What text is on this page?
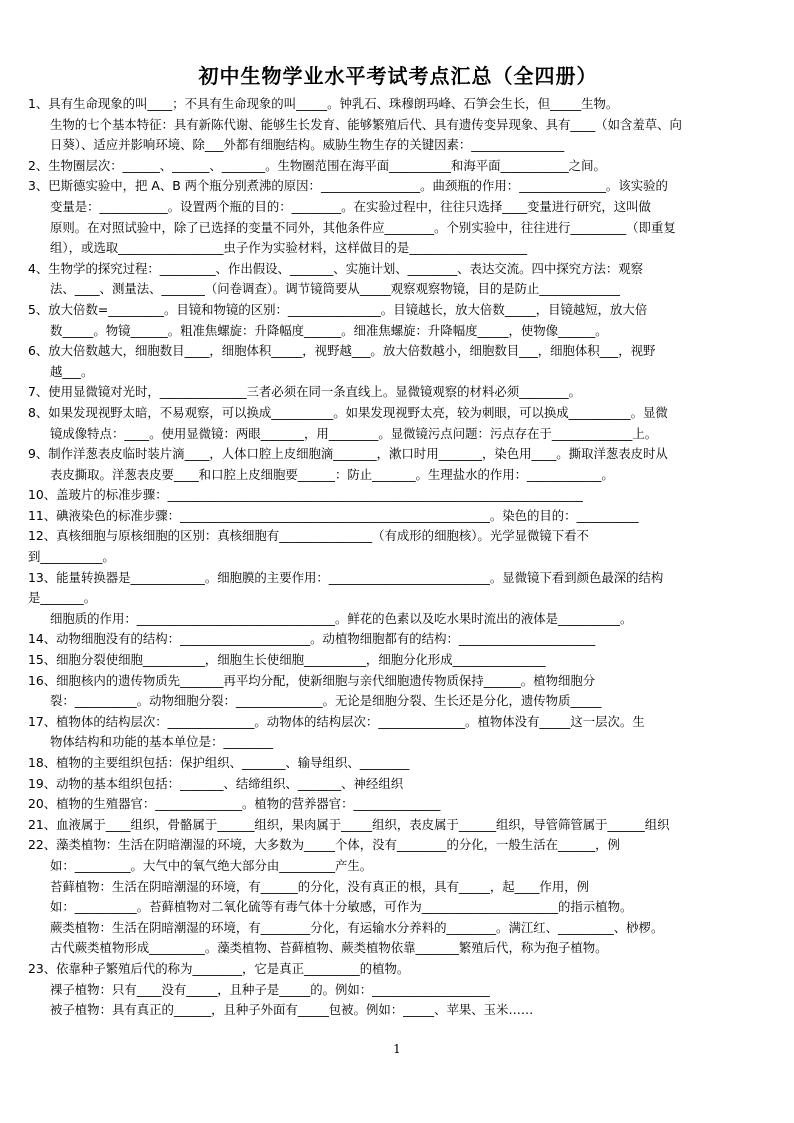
初中生物学业水平考试考点汇总（全四册）
1、具有生命现象的叫____；不具有生命现象的叫_____。钟乳石、珠穆朗玛峰、石笋会生长，但_____生物。
生物的七个基本特征：具有新陈代谢、能够生长发育、能够繁殖后代、具有遗传变异现象、具有____（如含羞草、向
日葵）、适应并影响环境、除___外都有细胞结构。威胁生物生存的关键因素：_______________
2、生物圈层次：______、______、_______。生物圈范围在海平面__________和海平面___________之间。
3、巴斯德实验中，把 A、B 两个瓶分别煮沸的原因：________________。曲颈瓶的作用：______________。该实验的
变量是：___________。设置两个瓶的目的：________。在实验过程中，往往只选择____变量进行研究，这叫做
原则。在对照试验中，除了已选择的变量不同外，其他条件应________。个别实验中，往往进行_________（即重复
组），或选取_________________虫子作为实验材料，这样做目的是___________________
4、生物学的探究过程：_________、作出假设、_______、实施计划、________、表达交流。四中探究方法：观察
法、____、测量法、_______（问卷调查）。调节镜筒要从_____观察观察物镜，目的是防止_____________
5、放大倍数=_________。目镜和物镜的区别：_______________。目镜越长，放大倍数_____，目镜越短，放大倍
数_____。物镜______。粗准焦螺旋：升降幅度______。细准焦螺旋：升降幅度_____，使物像______。
6、放大倍数越大，细胞数目____，细胞体积_____，视野越___。放大倍数越小，细胞数目___，细胞体积___，视野
越___。
7、使用显微镜对光时，______________三者必须在同一条直线上。显微镜观察的材料必须________。
8、如果发现视野太暗，不易观察，可以换成__________。如果发现视野太亮，较为刺眼，可以换成__________。显微
镜成像特点：____。使用显微镜：两眼_______，用________。显微镜污点问题：污点存在于_____________上。
9、制作洋葱表皮临时装片滴____，人体口腔上皮细胞滴_______，漱口时用_______，染色用____。撕取洋葱表皮时从
表皮撕取。洋葱表皮要____和口腔上皮细胞要______：防止_______。生理盐水的作用：____________。
10、盖玻片的标准步骤：___________________________________________________________________
11、碘液染色的标准步骤：__________________________________________________。染色的目的：__________
12、真核细胞与原核细胞的区别：真核细胞有_______________（有成形的细胞核）。光学显微镜下看不
到__________。
13、能量转换器是____________。细胞膜的主要作用：__________________________。显微镜下看到颜色最深的结构
是_______。
细胞质的作用：________________________________。鲜花的色素以及吃水果时流出的液体是__________。
14、动物细胞没有的结构：_____________________。动植物细胞都有的结构：______________________
15、细胞分裂使细胞__________，细胞生长使细胞__________，细胞分化形成_______________
16、细胞核内的遗传物质先_______再平均分配，使新细胞与亲代细胞遗传物质保持______。植物细胞分
裂：__________。动物细胞分裂：______________。无论是细胞分裂、生长还是分化，遗传物质_____
17、植物体的结构层次：______________。动物体的结构层次：______________。植物体没有_____这一层次。生
物体结构和功能的基本单位是：________
18、植物的主要组织包括：保护组织、_______、输导组织、________
19、动物的基本组织包括：_______、结缔组织、_______、神经组织
20、植物的生殖器官：______________。植物的营养器官：______________
21、血液属于____组织，骨骼属于______组织，果肉属于_____组织，表皮属于______组织，导管筛管属于______组织
22、藻类植物：生活在阴暗潮湿的环境，大多数为_____个体，没有________的分化，一般生活在______，例
如：_________。大气中的氧气绝大部分由_________产生。
苔藓植物：生活在阴暗潮湿的环境，有______的分化，没有真正的根，具有_____，起____作用，例
如：__________。苔藓植物对二氧化硫等有毒气体十分敏感，可作为______________________的指示植物。
蕨类植物：生活在阴暗潮湿的环境，有________分化，有运输水分养料的________。满江红、_________、桫椤。
古代蕨类植物形成_________。藻类植物、苔藓植物、蕨类植物依靠_______繁殖后代，称为孢子植物。
23、依靠种子繁殖后代的称为________，它是真正_________的植物。
裸子植物：只有____没有_____，且种子是_____的。例如：___________________
被子植物：具有真正的______，且种子外面有_____包被。例如：_____、苹果、玉米……
1
